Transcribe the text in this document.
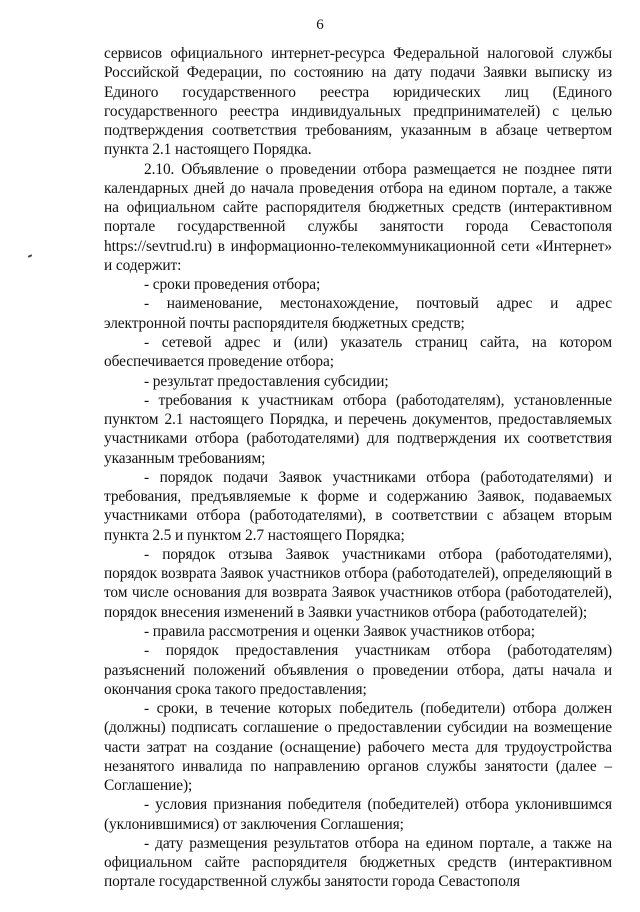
6

сервисов официального интернет-ресурса Федеральной налоговой службы Российской Федерации, по состоянию на дату подачи Заявки выписку из Единого государственного реестра юридических лиц (Единого государственного реестра индивидуальных предпринимателей) с целью подтверждения соответствия требованиям, указанным в абзаце четвертом пункта 2.1 настоящего Порядка.

2.10. Объявление о проведении отбора размещается не позднее пяти календарных дней до начала проведения отбора на едином портале, а также на официальном сайте распорядителя бюджетных средств (интерактивном портале государственной службы занятости города Севастополя https://sevtrud.ru) в информационно-телекоммуникационной сети «Интернет» и содержит:

- сроки проведения отбора;

- наименование, местонахождение, почтовый адрес и адрес электронной почты распорядителя бюджетных средств;

- сетевой адрес и (или) указатель страниц сайта, на котором обеспечивается проведение отбора;

- результат предоставления субсидии;

- требования к участникам отбора (работодателям), установленные пунктом 2.1 настоящего Порядка, и перечень документов, предоставляемых участниками отбора (работодателями) для подтверждения их соответствия указанным требованиям;

- порядок подачи Заявок участниками отбора (работодателями) и требования, предъявляемые к форме и содержанию Заявок, подаваемых участниками отбора (работодателями), в соответствии с абзацем вторым пункта 2.5 и пунктом 2.7 настоящего Порядка;

- порядок отзыва Заявок участниками отбора (работодателями), порядок возврата Заявок участников отбора (работодателей), определяющий в том числе основания для возврата Заявок участников отбора (работодателей), порядок внесения изменений в Заявки участников отбора (работодателей);

- правила рассмотрения и оценки Заявок участников отбора;

- порядок предоставления участникам отбора (работодателям) разъяснений положений объявления о проведении отбора, даты начала и окончания срока такого предоставления;

- сроки, в течение которых победитель (победители) отбора должен (должны) подписать соглашение о предоставлении субсидии на возмещение части затрат на создание (оснащение) рабочего места для трудоустройства незанятого инвалида по направлению органов службы занятости (далее – Соглашение);

- условия признания победителя (победителей) отбора уклонившимся (уклонившимися) от заключения Соглашения;

- дату размещения результатов отбора на едином портале, а также на официальном сайте распорядителя бюджетных средств (интерактивном портале государственной службы занятости города Севастополя
